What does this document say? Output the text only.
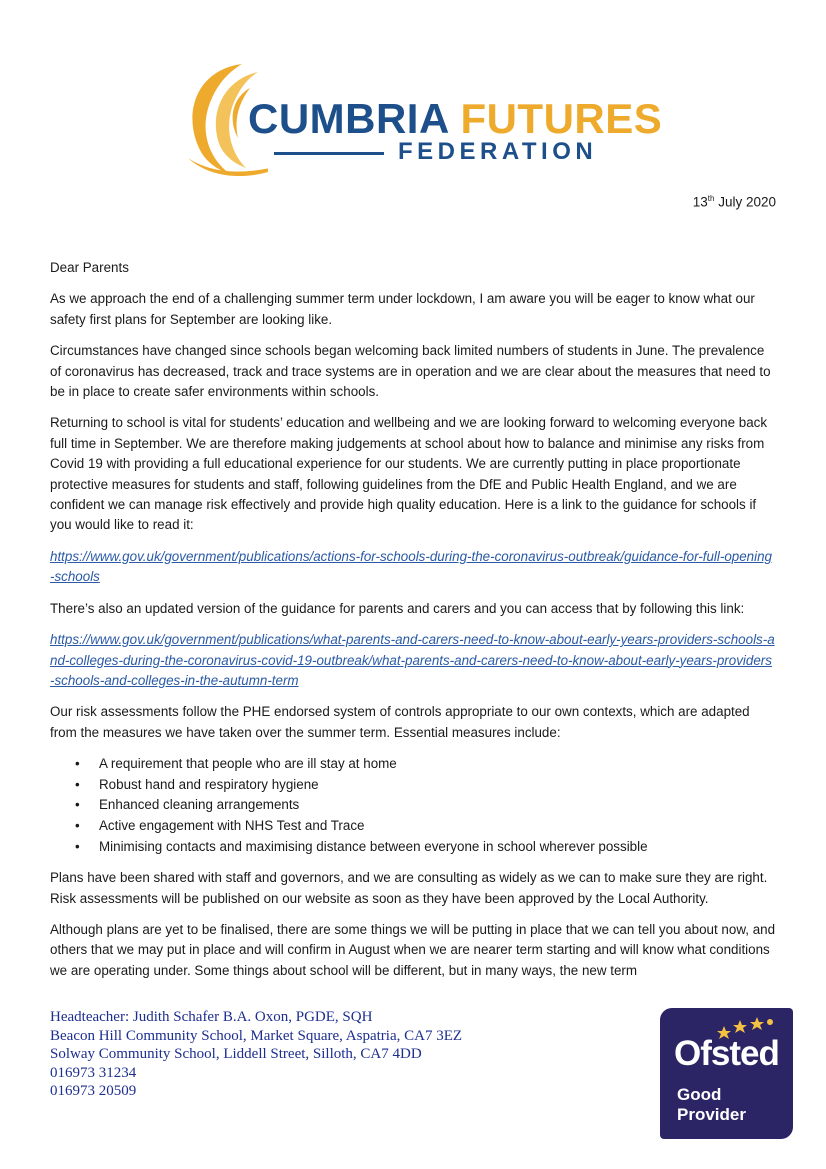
CUMBRIA FUTURES
FEDERATION
13th July 2020

Dear Parents

As we approach the end of a challenging summer term under lockdown, I am aware you will be eager to know what our safety first plans for September are looking like.

Circumstances have changed since schools began welcoming back limited numbers of students in June. The prevalence of coronavirus has decreased, track and trace systems are in operation and we are clear about the measures that need to be in place to create safer environments within schools.

Returning to school is vital for students’ education and wellbeing and we are looking forward to welcoming everyone back full time in September. We are therefore making judgements at school about how to balance and minimise any risks from Covid 19 with providing a full educational experience for our students. We are currently putting in place proportionate protective measures for students and staff, following guidelines from the DfE and Public Health England, and we are confident we can manage risk effectively and provide high quality education. Here is a link to the guidance for schools if you would like to read it:

https://www.gov.uk/government/publications/actions-for-schools-during-the-coronavirus-outbreak/guidance-for-full-opening-schools

There’s also an updated version of the guidance for parents and carers and you can access that by following this link:

https://www.gov.uk/government/publications/what-parents-and-carers-need-to-know-about-early-years-providers-schools-and-colleges-during-the-coronavirus-covid-19-outbreak/what-parents-and-carers-need-to-know-about-early-years-providers-schools-and-colleges-in-the-autumn-term

Our risk assessments follow the PHE endorsed system of controls appropriate to our own contexts, which are adapted from the measures we have taken over the summer term. Essential measures include:

• A requirement that people who are ill stay at home
• Robust hand and respiratory hygiene
• Enhanced cleaning arrangements
• Active engagement with NHS Test and Trace
• Minimising contacts and maximising distance between everyone in school wherever possible

Plans have been shared with staff and governors, and we are consulting as widely as we can to make sure they are right. Risk assessments will be published on our website as soon as they have been approved by the Local Authority.

Although plans are yet to be finalised, there are some things we will be putting in place that we can tell you about now, and others that we may put in place and will confirm in August when we are nearer term starting and will know what conditions we are operating under. Some things about school will be different, but in many ways, the new term

Headteacher: Judith Schafer B.A. Oxon, PGDE, SQH
Beacon Hill Community School, Market Square, Aspatria, CA7 3EZ
Solway Community School, Liddell Street, Silloth, CA7 4DD
016973 31234
016973 20509
Ofsted
Good
Provider
